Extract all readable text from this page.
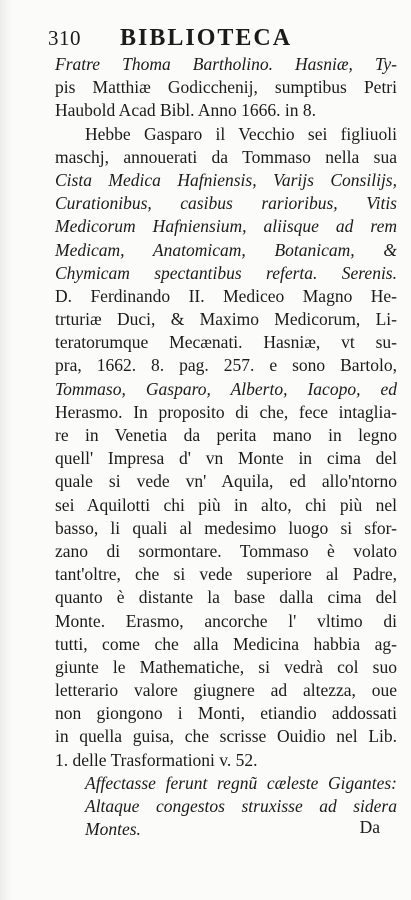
310 BIBLIOTECA
Fratre Thoma Bartholino. Hasniæ, Ty-
pis Matthiæ Godicchenij, sumptibus Petri
Haubold Acad Bibl. Anno 1666. in 8.
Hebbe Gasparo il Vecchio sei figliuoli
maschj, annouerati da Tommaso nella sua
Cista Medica Hafniensis, Varijs Consilijs,
Curationibus, casibus rarioribus, Vitis
Medicorum Hafniensium, aliisque ad rem
Medicam, Anatomicam, Botanicam, &
Chymicam spectantibus referta. Serenis.
D. Ferdinando II. Mediceo Magno He-
trturiæ Duci, & Maximo Medicorum, Li-
teratorumque Mecænati. Hasniæ, vt su-
pra, 1662. 8. pag. 257. e sono Bartolo,
Tommaso, Gasparo, Alberto, Iacopo, ed
Herasmo. In proposito di che, fece intaglia-
re in Venetia da perita mano in legno
quell' Impresa d' vn Monte in cima del
quale si vede vn' Aquila, ed allo'ntorno
sei Aquilotti chi più in alto, chi più nel
basso, li quali al medesimo luogo si sfor-
zano di sormontare. Tommaso è volato
tant'oltre, che si vede superiore al Padre,
quanto è distante la base dalla cima del
Monte. Erasmo, ancorche l' vltimo di
tutti, come che alla Medicina habbia ag-
giunte le Mathematiche, si vedrà col suo
letterario valore giugnere ad altezza, oue
non giongono i Monti, etiandio addossati
in quella guisa, che scrisse Ouidio nel Lib.
1. delle Trasformationi v. 52.
Affectasse ferunt regnũ cæleste Gigantes:
Altaque congestos struxisse ad sidera
Montes.	Da
